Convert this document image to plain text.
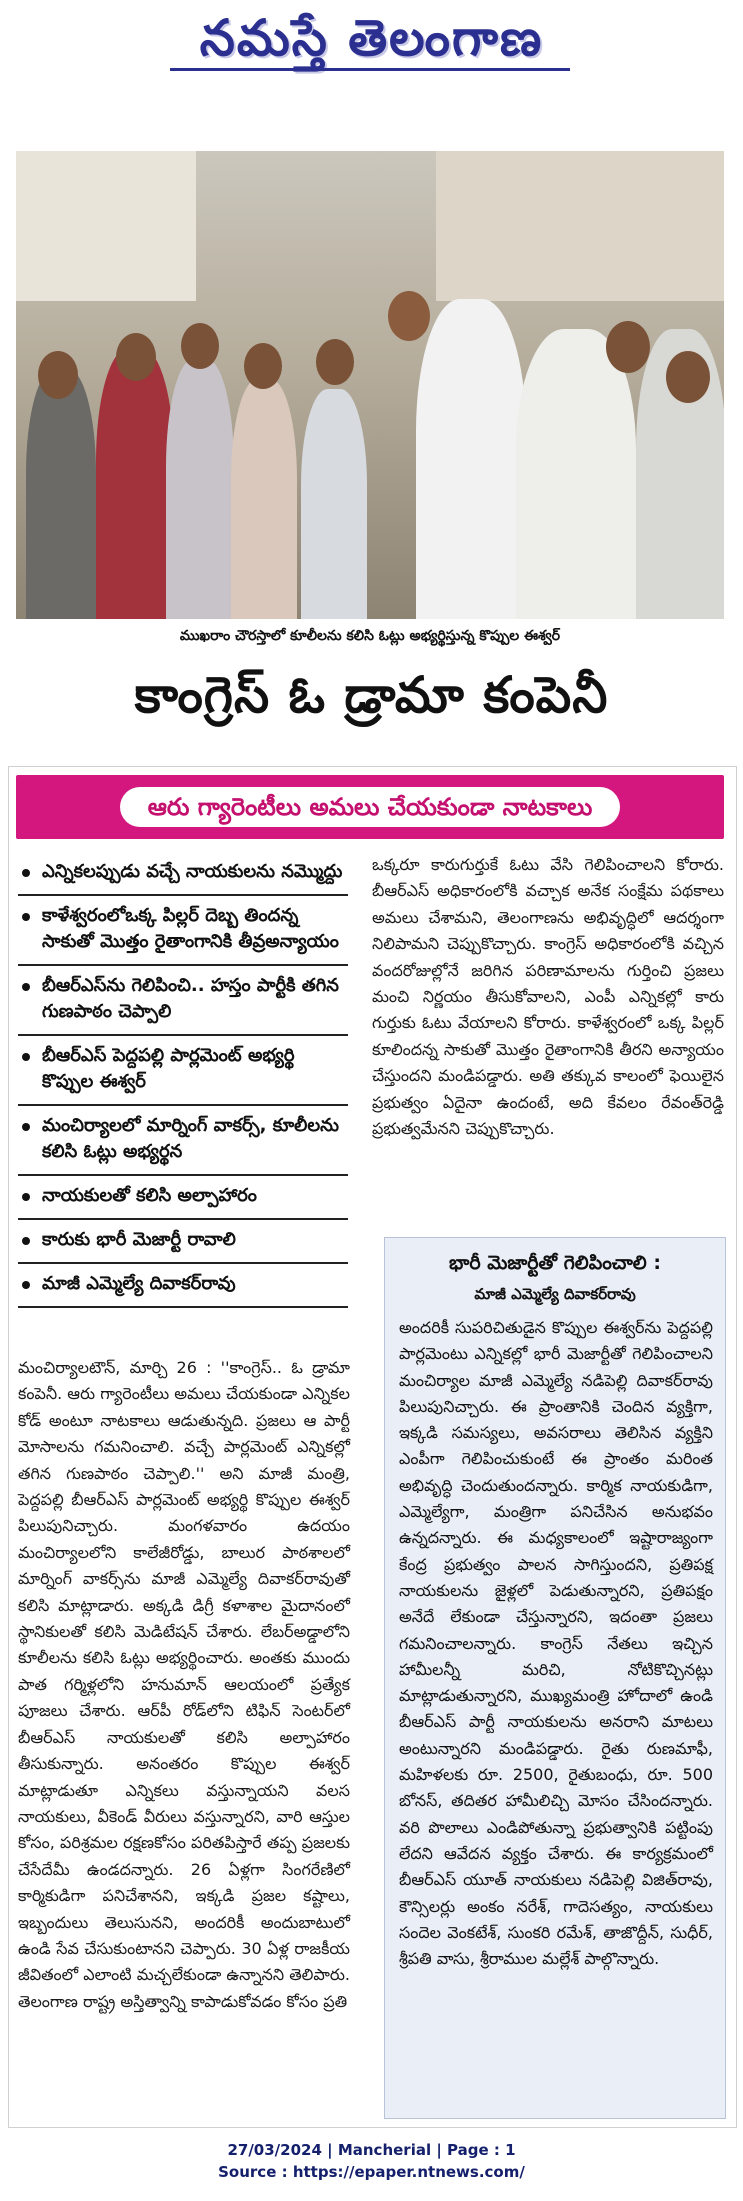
నమస్తే తెలంగాణ
ముఖరాం చౌరస్తాలో కూలీలను కలిసి ఓట్లు అభ్యర్థిస్తున్న కొప్పుల ఈశ్వర్
కాంగ్రెస్ ఓ డ్రామా కంపెనీ
ఆరు గ్యారెంటీలు అమలు చేయకుండా నాటకాలు
ఎన్నికలప్పుడు వచ్చే నాయకులను నమ్మొద్దు
కాళేశ్వరంలోఒక్క పిల్లర్ దెబ్బ తిందన్న సాకుతో మొత్తం రైతాంగానికి తీవ్రఅన్యాయం
బీఆర్ఎస్‌ను గెలిపించి.. హస్తం పార్టీకి తగిన గుణపాఠం చెప్పాలి
బీఆర్ఎస్ పెద్దపల్లి పార్లమెంట్ అభ్యర్థి కొప్పుల ఈశ్వర్
మంచిర్యాలలో మార్నింగ్ వాకర్స్, కూలీలను కలిసి ఓట్లు అభ్యర్థన
నాయకులతో కలిసి అల్పాహారం
కారుకు భారీ మెజార్టీ రావాలి
మాజీ ఎమ్మెల్యే దివాకర్‌రావు
ఒక్కరూ కారుగుర్తుకే ఓటు వేసి గెలిపించాలని కోరారు. బీఆర్ఎస్ అధికారంలోకి వచ్చాక అనేక సంక్షేమ పథకాలు అమలు చేశామని, తెలంగాణను అభివృద్ధిలో ఆదర్శంగా నిలిపామని చెప్పుకొచ్చారు. కాంగ్రెస్ అధికారంలోకి వచ్చిన వందరోజుల్లోనే జరిగిన పరిణామాలను గుర్తించి ప్రజలు మంచి నిర్ణయం తీసుకోవాలని, ఎంపీ ఎన్నికల్లో కారు గుర్తుకు ఓటు వేయాలని కోరారు. కాళేశ్వరంలో ఒక్క పిల్లర్ కూలిందన్న సాకుతో మొత్తం రైతాంగానికి తీరని అన్యాయం చేస్తుందని మండిపడ్డారు. అతి తక్కువ కాలంలో ఫెయిలైన ప్రభుత్వం ఏదైనా ఉందంటే, అది కేవలం రేవంత్‌రెడ్డి ప్రభుత్వమేనని చెప్పుకొచ్చారు.
మంచిర్యాలటౌన్, మార్చి 26 : ''కాంగ్రెస్.. ఓ డ్రామా కంపెనీ. ఆరు గ్యారెంటీలు అమలు చేయకుండా ఎన్నికల కోడ్ అంటూ నాటకాలు ఆడుతున్నది. ప్రజలు ఆ పార్టీ మోసాలను గమనించాలి. వచ్చే పార్లమెంట్ ఎన్నికల్లో తగిన గుణపాఠం చెప్పాలి.'' అని మాజీ మంత్రి, పెద్దపల్లి బీఆర్ఎస్ పార్లమెంట్ అభ్యర్థి కొప్పుల ఈశ్వర్ పిలుపునిచ్చారు. మంగళవారం ఉదయం మంచిర్యాలలోని కాలేజీరోడ్డు, బాలుర పాఠశాలలో మార్నింగ్ వాకర్స్‌ను మాజీ ఎమ్మెల్యే దివాకర్‌రావుతో కలిసి మాట్లాడారు. అక్కడి డిగ్రీ కళాశాల మైదానంలో స్థానికులతో కలిసి మెడిటేషన్ చేశారు. లేబర్‌అడ్డాలోని కూలీలను కలిసి ఓట్లు అభ్యర్థించారు. అంతకు ముందు పాత గర్మిళ్లలోని హనుమాన్ ఆలయంలో ప్రత్యేక పూజలు చేశారు. ఆర్‌పీ రోడ్‌లోని టిఫిన్ సెంటర్‌లో బీఆర్ఎస్ నాయకులతో కలిసి అల్పాహారం తీసుకున్నారు. అనంతరం కొప్పుల ఈశ్వర్ మాట్లాడుతూ ఎన్నికలు వస్తున్నాయని వలస నాయకులు, వీకెండ్ వీరులు వస్తున్నారని, వారి ఆస్తుల కోసం, పరిశ్రమల రక్షణకోసం పరితపిస్తారే తప్ప ప్రజలకు చేసేదేమీ ఉండదన్నారు. 26 ఏళ్లగా సింగరేణిలో కార్మికుడిగా పనిచేశానని, ఇక్కడి ప్రజల కష్టాలు, ఇబ్బందులు తెలుసునని, అందరికీ అందుబాటులో ఉండి సేవ చేసుకుంటానని చెప్పారు. 30 ఏళ్ల రాజకీయ జీవితంలో ఎలాంటి మచ్చలేకుండా ఉన్నానని తెలిపారు. తెలంగాణ రాష్ట్ర అస్తిత్వాన్ని కాపాడుకోవడం కోసం ప్రతి
భారీ మెజార్టీతో గెలిపించాలి :
మాజీ ఎమ్మెల్యే దివాకర్‌రావు
అందరికీ సుపరిచితుడైన కొప్పుల ఈశ్వర్‌ను పెద్దపల్లి పార్లమెంటు ఎన్నికల్లో భారీ మెజార్టీతో గెలిపించాలని మంచిర్యాల మాజీ ఎమ్మెల్యే నడిపెల్లి దివాకర్‌రావు పిలుపునిచ్చారు. ఈ ప్రాంతానికి చెందిన వ్యక్తిగా, ఇక్కడి సమస్యలు, అవసరాలు తెలిసిన వ్యక్తిని ఎంపీగా గెలిపించుకుంటే ఈ ప్రాంతం మరింత అభివృద్ధి చెందుతుందన్నారు. కార్మిక నాయకుడిగా, ఎమ్మెల్యేగా, మంత్రిగా పనిచేసిన అనుభవం ఉన్నదన్నారు. ఈ మధ్యకాలంలో ఇష్టారాజ్యంగా కేంద్ర ప్రభుత్వం పాలన సాగిస్తుందని, ప్రతిపక్ష నాయకులను జైళ్లలో పెడుతున్నారని, ప్రతిపక్షం అనేదే లేకుండా చేస్తున్నారని, ఇదంతా ప్రజలు గమనించాలన్నారు. కాంగ్రెస్ నేతలు ఇచ్చిన హామీలన్నీ మరిచి, నోటికొచ్చినట్లు మాట్లాడుతున్నారని, ముఖ్యమంత్రి హోదాలో ఉండి బీఆర్ఎస్ పార్టీ నాయకులను అనరాని మాటలు అంటున్నారని మండిపడ్డారు. రైతు రుణమాఫీ, మహిళలకు రూ. 2500, రైతుబంధు, రూ. 500 బోనస్, తదితర హామీలిచ్చి మోసం చేసిందన్నారు. వరి పొలాలు ఎండిపోతున్నా ప్రభుత్వానికి పట్టింపు లేదని ఆవేదన వ్యక్తం చేశారు. ఈ కార్యక్రమంలో బీఆర్ఎస్ యూత్ నాయకులు నడిపెల్లి విజిత్‌రావు, కౌన్సిలర్లు అంకం నరేశ్, గాదెసత్యం, నాయకులు సందెల వెంకటేశ్, సుంకరి రమేశ్, తాజొద్దీన్, సుధీర్, శ్రీపతి వాసు, శ్రీరాముల మల్లేశ్ పాల్గొన్నారు.
27/03/2024 | Mancherial | Page : 1
Source : https://epaper.ntnews.com/
